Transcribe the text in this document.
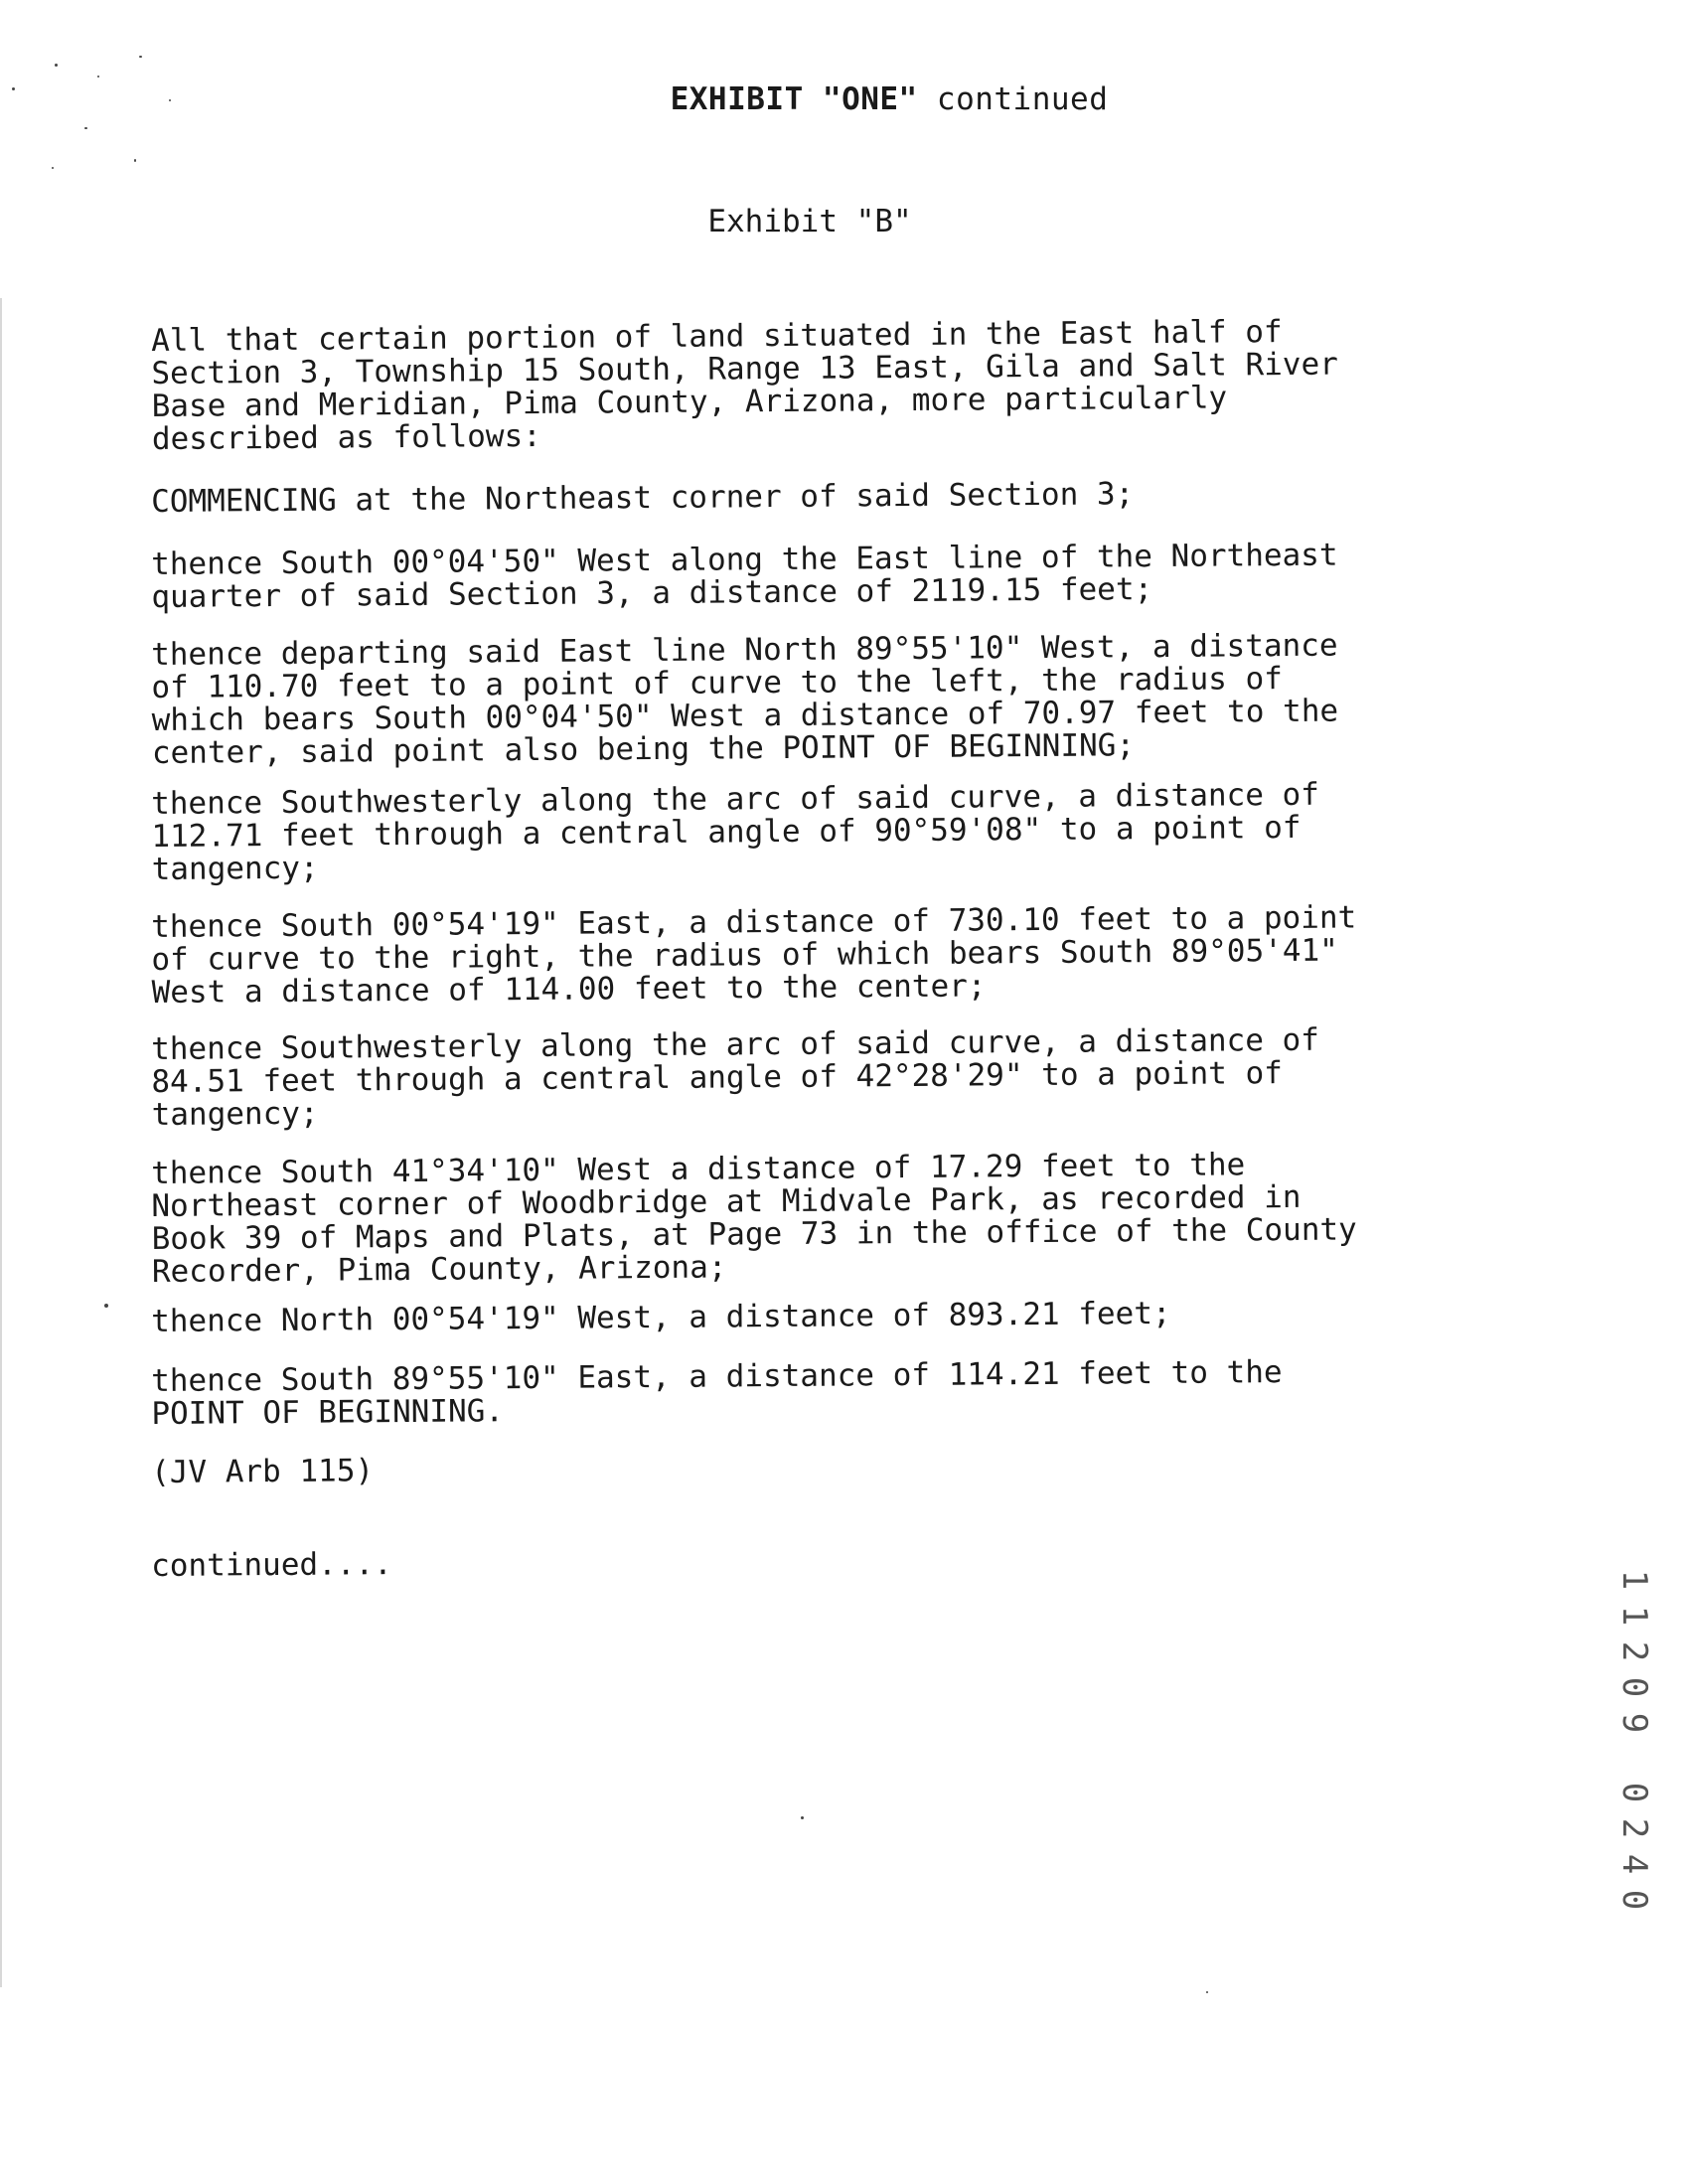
EXHIBIT "ONE" continued
Exhibit "B"

All that certain portion of land situated in the East half of
Section 3, Township 15 South, Range 13 East, Gila and Salt River
Base and Meridian, Pima County, Arizona, more particularly
described as follows:

COMMENCING at the Northeast corner of said Section 3;

thence South 00°04'50" West along the East line of the Northeast
quarter of said Section 3, a distance of 2119.15 feet;

thence departing said East line North 89°55'10" West, a distance
of 110.70 feet to a point of curve to the left, the radius of
which bears South 00°04'50" West a distance of 70.97 feet to the
center, said point also being the POINT OF BEGINNING;

thence Southwesterly along the arc of said curve, a distance of
112.71 feet through a central angle of 90°59'08" to a point of
tangency;

thence South 00°54'19" East, a distance of 730.10 feet to a point
of curve to the right, the radius of which bears South 89°05'41"
West a distance of 114.00 feet to the center;

thence Southwesterly along the arc of said curve, a distance of
84.51 feet through a central angle of 42°28'29" to a point of
tangency;

thence South 41°34'10" West a distance of 17.29 feet to the
Northeast corner of Woodbridge at Midvale Park, as recorded in
Book 39 of Maps and Plats, at Page 73 in the office of the County
Recorder, Pima County, Arizona;

thence North 00°54'19" West, a distance of 893.21 feet;

thence South 89°55'10" East, a distance of 114.21 feet to the
POINT OF BEGINNING.

(JV Arb 115)

continued....	1
1
2
0
9
0
2
4
0
